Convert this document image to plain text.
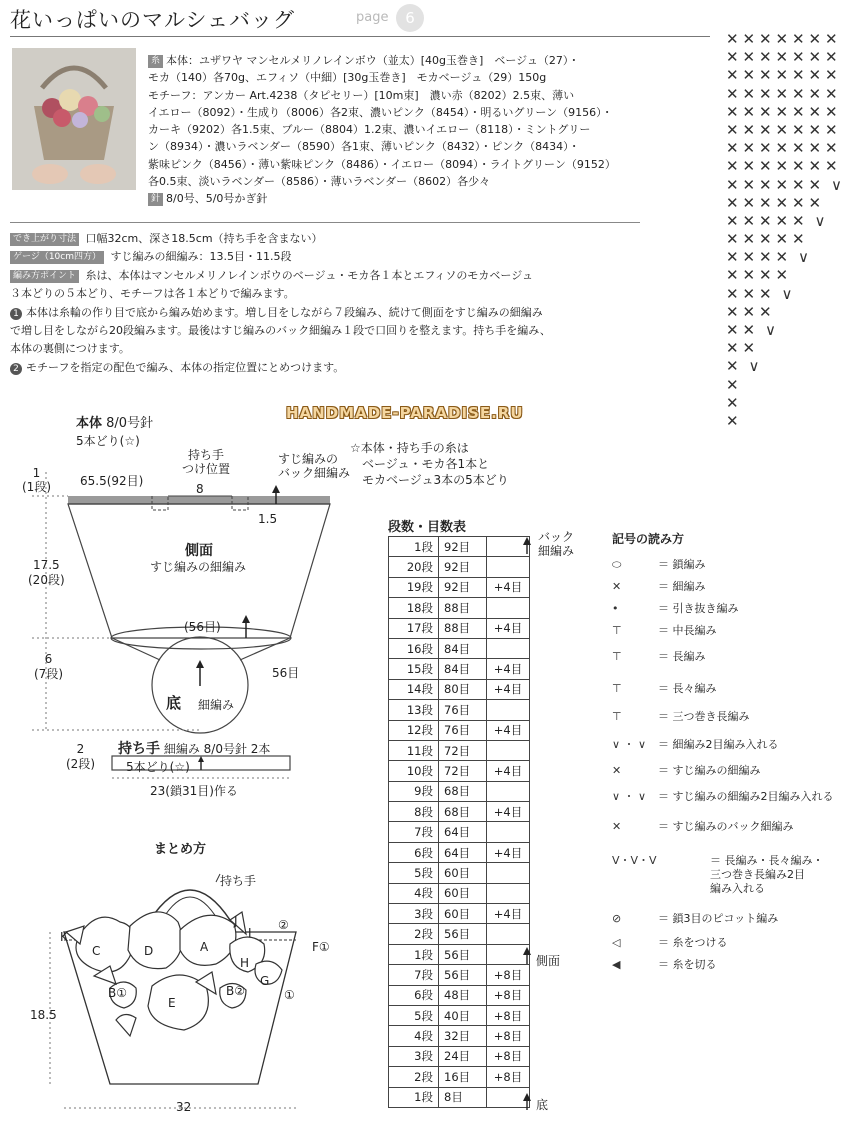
花いっぱいのマルシェバッグ	page	6

糸 本体：ユザワヤ マンセルメリノレインボウ（並太）[40g玉巻き]　ベージュ（27）・

モカ（140）各70g、エフィソ（中細）[30g玉巻き]　モカベージュ（29）150g

モチーフ：アンカー Art.4238（タピセリー）[10m束]　濃い赤（8202）2.5束、薄い

イエロー（8092）・生成り（8006）各2束、濃いピンク（8454）・明るいグリーン（9156）・

カーキ（9202）各1.5束、ブルー（8804）1.2束、濃いイエロー（8118）・ミントグリー

ン（8934）・濃いラベンダー（8590）各1束、薄いピンク（8432）・ピンク（8434）・

紫味ピンク（8456）・薄い紫味ピンク（8486）・イエロー（8094）・ライトグリーン（9152）

各0.5束、淡いラベンダー（8586）・薄いラベンダー（8602）各少々

針 8/0号、5/0号かぎ針

でき上がり寸法 口幅32cm、深さ18.5cm（持ち手を含まない）

ゲージ（10cm四方） すじ編みの細編み：13.5目・11.5段

編み方ポイント 糸は、本体はマンセルメリノレインボウのベージュ・モカ各１本とエフィソのモカベージュ

３本どりの５本どり、モチーフは各１本どりで編みます。

1 本体は糸輪の作り目で底から編み始めます。増し目をしながら７段編み、続けて側面をすじ編みの細編み

で増し目をしながら20段編みます。最後はすじ編みのバック細編み１段で口回りを整えます。持ち手を編み、

本体の裏側につけます。

2 モチーフを指定の配色で編み、本体の指定位置にとめつけます。

✕ ✕ ✕ ✕ ✕ ✕ ✕
✕ ✕ ✕ ✕ ✕ ✕ ✕
✕ ✕ ✕ ✕ ✕ ✕ ✕
✕ ✕ ✕ ✕ ✕ ✕ ✕
✕ ✕ ✕ ✕ ✕ ✕ ✕
✕ ✕ ✕ ✕ ✕ ✕ ✕
✕ ✕ ✕ ✕ ✕ ✕ ✕
✕ ✕ ✕ ✕ ✕ ✕ ✕
✕ ✕ ✕ ✕ ✕ ✕ ∨
✕ ✕ ✕ ✕ ✕ ✕
✕ ✕ ✕ ✕ ✕ ∨
✕ ✕ ✕ ✕ ✕
✕ ✕ ✕ ✕ ∨
✕ ✕ ✕ ✕
✕ ✕ ✕ ∨
✕ ✕ ✕
✕ ✕ ∨
✕ ✕
✕ ∨
✕
✕
✕
HANDMADE-PARADISE.RU
本体 8/0号針
5本どり(☆)	☆本体・持ち手の糸は
ベージュ・モカ各1本と
モカベージュ3本の5本どり
持ち手
つけ位置
すじ編みの
バック細編み
1
(1段) 65.5(92目)
8
1.5
側面
すじ編みの細編み
17.5
(20段)
(56目)
6
(7段)	56目
底 細編み
持ち手 細編み 8/0号針 2本
2
(2段)	5本どり(☆)
23(鎖31目)作る
まとめ方
持ち手
18.5
32
A
B①	B②
C	D
E
F①
G
H
I
J
K
②
①
段数・目数表
1段	92目	
20段	92目	
19段	92目	+4目
18段	88目	
17段	88目	+4目
16段	84目	
15段	84目	+4目
14段	80目	+4目
13段	76目	
12段	76目	+4目
11段	72目	
10段	72目	+4目
9段	68目	
8段	68目	+4目
7段	64目	
6段	64目	+4目
5段	60目	
4段	60目	
3段	60目	+4目
2段	56目	
1段	56目	
7段	56目	+8目
6段	48目	+8目
5段	40目	+8目
4段	32目	+8目
3段	24目	+8目
2段	16目	+8目
1段	8目	
バック
細編み
側面
底
記号の読み方
⬭	＝ 鎖編み
✕	＝ 細編み
•	＝ 引き抜き編み
⊤	＝ 中長編み
⊤	＝ 長編み
⊤	＝ 長々編み
⊤	＝ 三つ巻き長編み
∨ ・ ∨ ＝ 細編み2目編み入れる
✕	＝ すじ編みの細編み
∨ ・ ∨ ＝ すじ編みの細編み2目編み入れる
✕	＝ すじ編みのバック細編み
V・V・V	＝ 長編み・長々編み・
三つ巻き長編み2目
編み入れる
⊘	＝ 鎖3目のピコット編み
◁	＝ 糸をつける
◀	＝ 糸を切る
